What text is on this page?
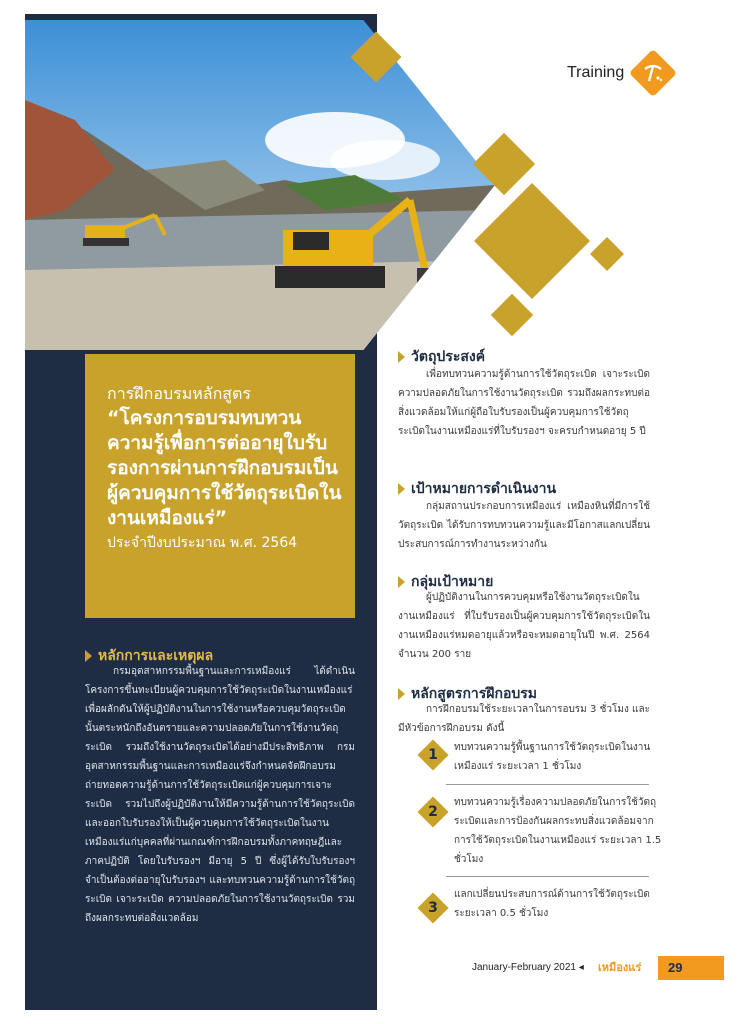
Training
การฝึกอบรมหลักสูตร
“โครงการอบรมทบทวนความรู้เพื่อการต่ออายุใบรับรองการผ่านการฝึกอบรมเป็นผู้ควบคุมการใช้วัตถุระเบิดในงานเหมืองแร่”
ประจำปีงบประมาณ พ.ศ. 2564
หลักการและเหตุผล
กรมอุตสาหกรรมพื้นฐานและการเหมืองแร่ ได้ดำเนินโครงการขึ้นทะเบียนผู้ควบคุมการใช้วัตถุระเบิดในงานเหมืองแร่ เพื่อผลักดันให้ผู้ปฏิบัติงานในการใช้งานหรือควบคุมวัตถุระเบิดนั้นตระหนักถึงอันตรายและความปลอดภัยในการใช้งานวัตถุระเบิด รวมถึงใช้งานวัตถุระเบิดได้อย่างมีประสิทธิภาพ กรมอุตสาหกรรมพื้นฐานและการเหมืองแร่จึงกำหนดจัดฝึกอบรมถ่ายทอดความรู้ด้านการใช้วัตถุระเบิดแก่ผู้ควบคุมการเจาะระเบิด รวมไปถึงผู้ปฏิบัติงานให้มีความรู้ด้านการใช้วัตถุระเบิด และออกใบรับรองให้เป็นผู้ควบคุมการใช้วัตถุระเบิดในงานเหมืองแร่แก่บุคคลที่ผ่านเกณฑ์การฝึกอบรมทั้งภาคทฤษฎีและภาคปฏิบัติ โดยใบรับรองฯ มีอายุ 5 ปี ซึ่งผู้ได้รับใบรับรองฯ จำเป็นต้องต่ออายุใบรับรองฯ และทบทวนความรู้ด้านการใช้วัตถุระเบิด เจาะระเบิด ความปลอดภัยในการใช้งานวัตถุระเบิด รวมถึงผลกระทบต่อสิ่งแวดล้อม
วัตถุประสงค์
เพื่อทบทวนความรู้ด้านการใช้วัตถุระเบิด เจาะระเบิด ความปลอดภัยในการใช้งานวัตถุระเบิด รวมถึงผลกระทบต่อสิ่งแวดล้อมให้แก่ผู้ถือใบรับรองเป็นผู้ควบคุมการใช้วัตถุระเบิดในงานเหมืองแร่ที่ใบรับรองฯ จะครบกำหนดอายุ 5 ปี
เป้าหมายการดำเนินงาน
กลุ่มสถานประกอบการเหมืองแร่ เหมืองหินที่มีการใช้วัตถุระเบิด ได้รับการทบทวนความรู้และมีโอกาสแลกเปลี่ยนประสบการณ์การทำงานระหว่างกัน
กลุ่มเป้าหมาย
ผู้ปฏิบัติงานในการควบคุมหรือใช้งานวัตถุระเบิดในงานเหมืองแร่ ที่ใบรับรองเป็นผู้ควบคุมการใช้วัตถุระเบิดในงานเหมืองแร่หมดอายุแล้วหรือจะหมดอายุในปี พ.ศ. 2564 จำนวน 200 ราย
หลักสูตรการฝึกอบรม
การฝึกอบรมใช้ระยะเวลาในการอบรม 3 ชั่วโมง และมีหัวข้อการฝึกอบรม ดังนี้
1	ทบทวนความรู้พื้นฐานการใช้วัตถุระเบิดในงานเหมืองแร่ ระยะเวลา 1 ชั่วโมง
2
ทบทวนความรู้เรื่องความปลอดภัยในการใช้วัตถุระเบิดและการป้องกันผลกระทบสิ่งแวดล้อมจากการใช้วัตถุระเบิดในงานเหมืองแร่ ระยะเวลา 1.5 ชั่วโมง
3
แลกเปลี่ยนประสบการณ์ด้านการใช้วัตถุระเบิด ระยะเวลา 0.5 ชั่วโมง
January-February 2021 ◂ เหมืองแร่	29
